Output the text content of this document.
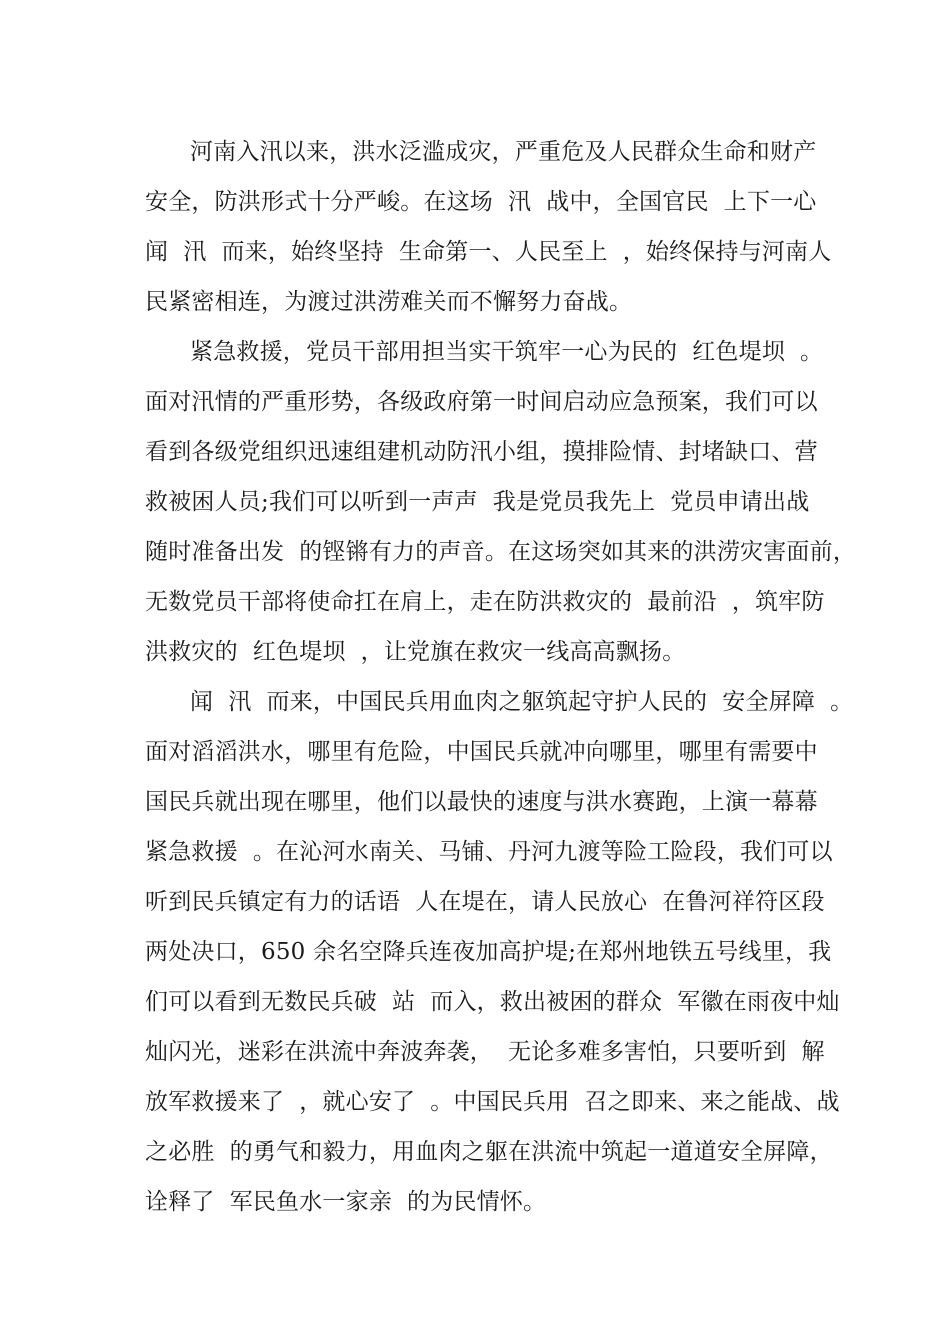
河南入汛以来，洪水泛滥成灾，严重危及人民群众生命和财产
安全，防洪形式十分严峻。在这场  汛  战中，全国官民  上下一心
闻  汛  而来，始终坚持  生命第一、人民至上  ，始终保持与河南人
民紧密相连，为渡过洪涝难关而不懈努力奋战。
紧急救援，党员干部用担当实干筑牢一心为民的  红色堤坝  。
面对汛情的严重形势，各级政府第一时间启动应急预案，我们可以
看到各级党组织迅速组建机动防汛小组，摸排险情、封堵缺口、营
救被困人员;我们可以听到一声声  我是党员我先上  党员申请出战
随时准备出发  的铿锵有力的声音。在这场突如其来的洪涝灾害面前，
无数党员干部将使命扛在肩上，走在防洪救灾的  最前沿  ，筑牢防
洪救灾的  红色堤坝  ，让党旗在救灾一线高高飘扬。
闻  汛  而来，中国民兵用血肉之躯筑起守护人民的  安全屏障  。
面对滔滔洪水，哪里有危险，中国民兵就冲向哪里，哪里有需要中
国民兵就出现在哪里，他们以最快的速度与洪水赛跑，上演一幕幕
紧急救援  。在沁河水南关、马铺、丹河九渡等险工险段，我们可以
听到民兵镇定有力的话语  人在堤在，请人民放心  在鲁河祥符区段
两处决口，650 余名空降兵连夜加高护堤;在郑州地铁五号线里，我
们可以看到无数民兵破  站  而入，救出被困的群众  军徽在雨夜中灿
灿闪光，迷彩在洪流中奔波奔袭，  无论多难多害怕，只要听到  解
放军救援来了  ，就心安了  。中国民兵用  召之即来、来之能战、战
之必胜  的勇气和毅力，用血肉之躯在洪流中筑起一道道安全屏障，
诠释了  军民鱼水一家亲  的为民情怀。
